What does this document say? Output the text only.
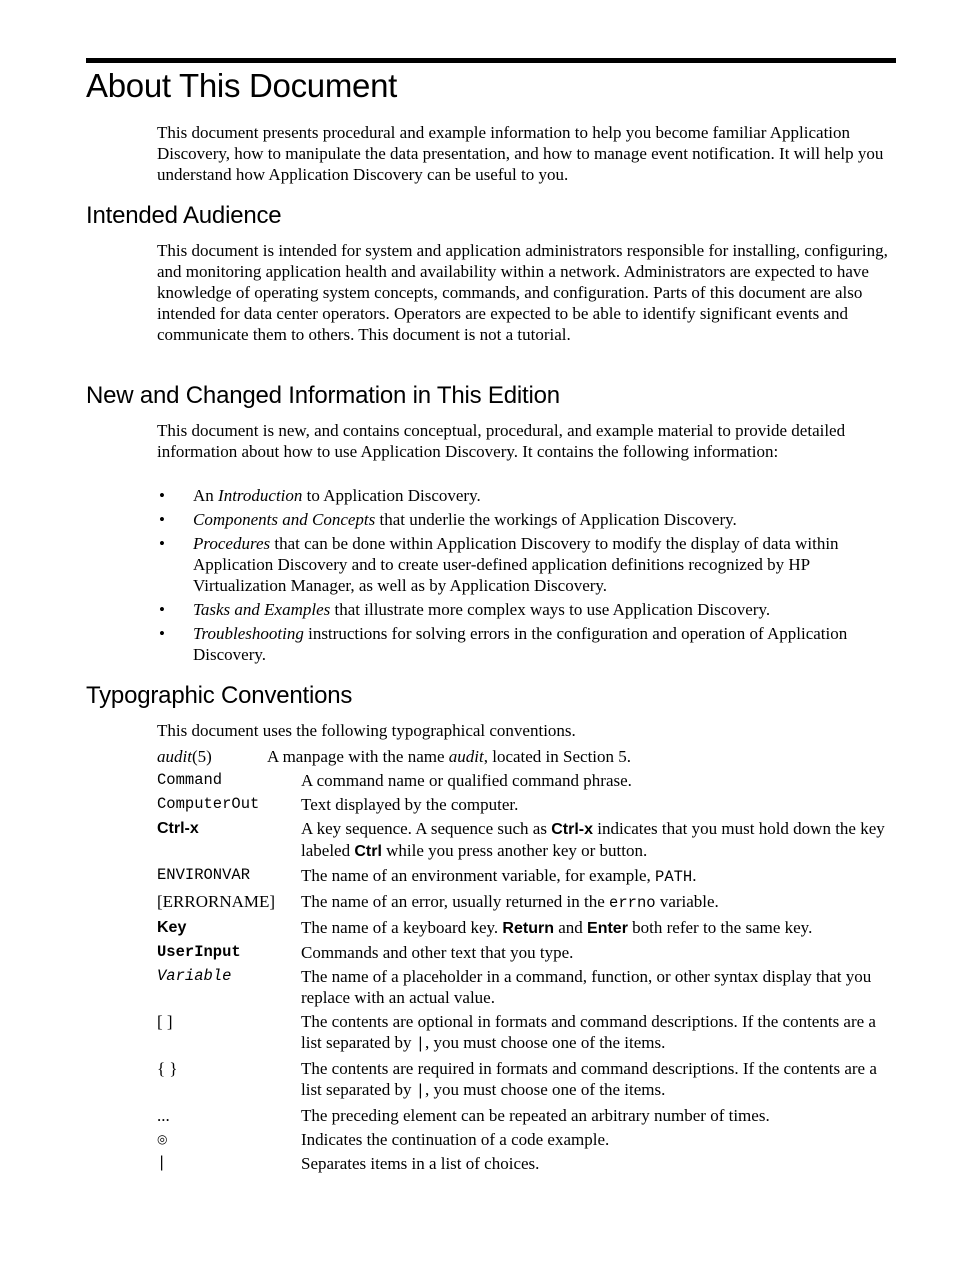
About This Document

This document presents procedural and example information to help you become familiar Application Discovery, how to manipulate the data presentation, and how to manage event notification. It will help you understand how Application Discovery can be useful to you.

Intended Audience

This document is intended for system and application administrators responsible for installing, configuring, and monitoring application health and availability within a network. Administrators are expected to have knowledge of operating system concepts, commands, and configuration. Parts of this document are also intended for data center operators. Operators are expected to be able to identify significant events and communicate them to others. This document is not a tutorial.

New and Changed Information in This Edition

This document is new, and contains conceptual, procedural, and example material to provide detailed information about how to use Application Discovery. It contains the following information:

• An Introduction to Application Discovery.
• Components and Concepts that underlie the workings of Application Discovery.
• Procedures that can be done within Application Discovery to modify the display of data within Application Discovery and to create user-defined application definitions recognized by HP Virtualization Manager, as well as by Application Discovery.
• Tasks and Examples that illustrate more complex ways to use Application Discovery.
• Troubleshooting instructions for solving errors in the configuration and operation of Application Discovery.
Typographic Conventions

This document uses the following typographical conventions.

audit(5)	A manpage with the name audit, located in Section 5.
Command	A command name or qualified command phrase.
ComputerOut	Text displayed by the computer.
Ctrl-x	A key sequence. A sequence such as Ctrl-x indicates that you must hold down the key labeled Ctrl while you press another key or button.
ENVIRONVAR	The name of an environment variable, for example, PATH.
[ERRORNAME]	The name of an error, usually returned in the errno variable.
Key	The name of a keyboard key. Return and Enter both refer to the same key.
UserInput	Commands and other text that you type.
Variable	The name of a placeholder in a command, function, or other syntax display that you replace with an actual value.
[ ]	The contents are optional in formats and command descriptions. If the contents are a list separated by |, you must choose one of the items.
{ }	The contents are required in formats and command descriptions. If the contents are a list separated by |, you must choose one of the items.
...	The preceding element can be repeated an arbitrary number of times.
◎	Indicates the continuation of a code example.
|	Separates items in a list of choices.
